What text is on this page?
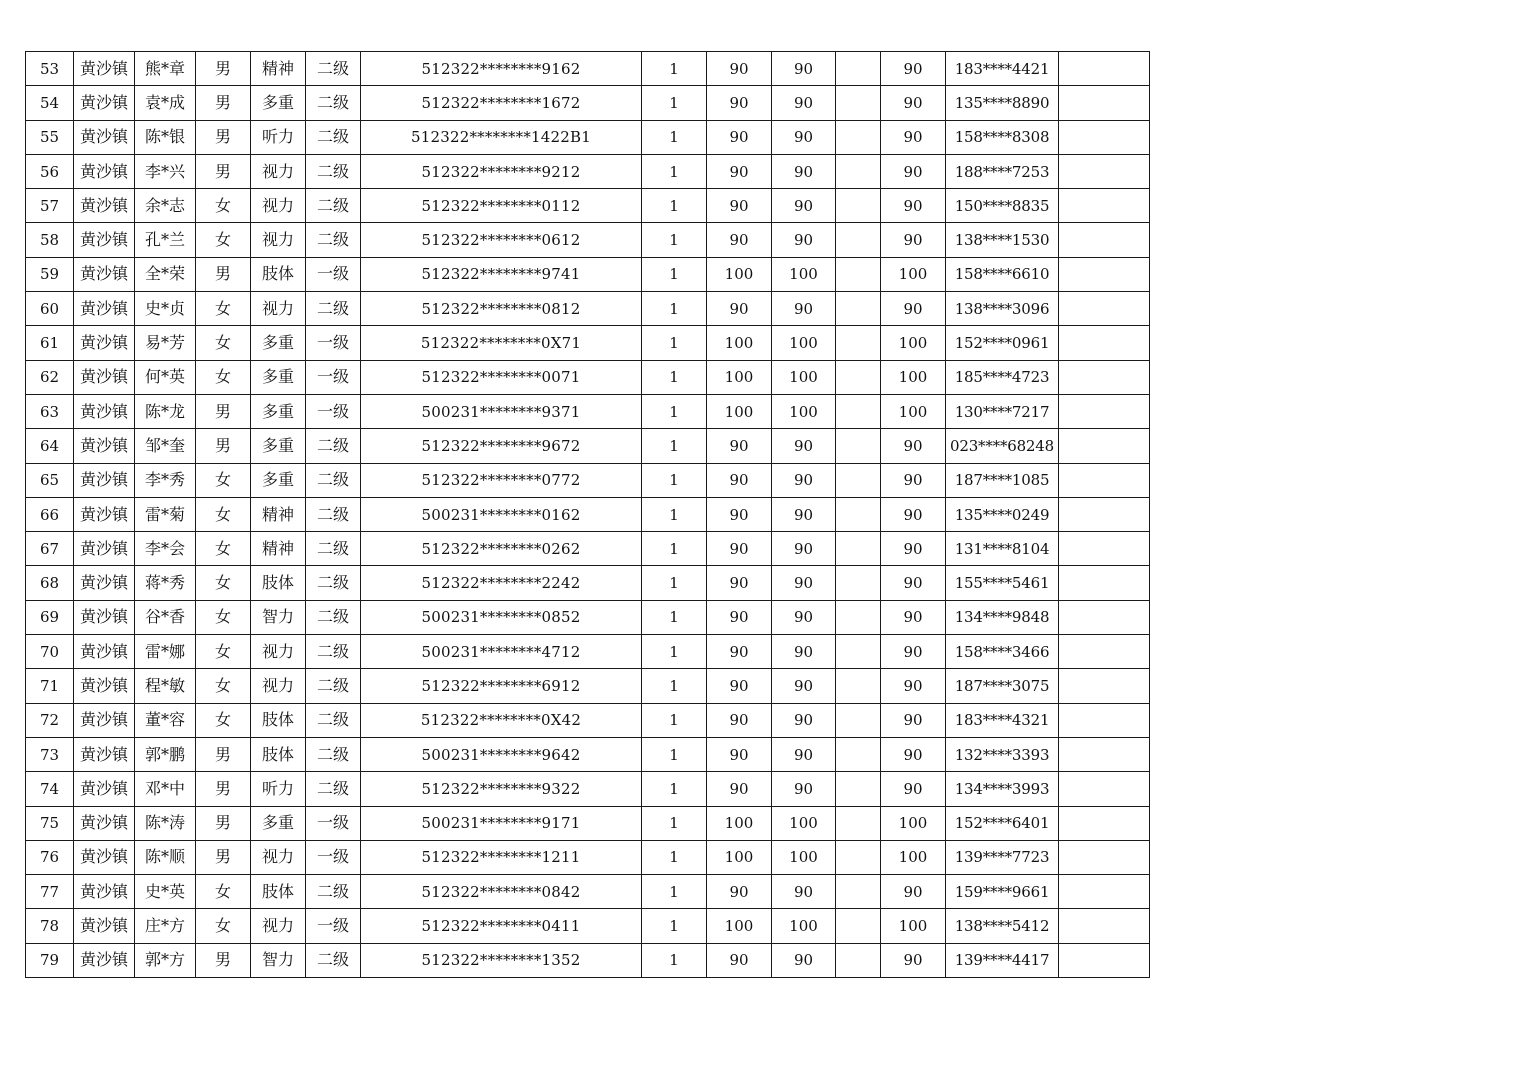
53	黄沙镇	熊*章	男	精神	二级	512322********9162	1	90	90		90	183****4421	
54	黄沙镇	袁*成	男	多重	二级	512322********1672	1	90	90		90	135****8890	
55	黄沙镇	陈*银	男	听力	二级	512322********1422B1	1	90	90		90	158****8308	
56	黄沙镇	李*兴	男	视力	二级	512322********9212	1	90	90		90	188****7253	
57	黄沙镇	余*志	女	视力	二级	512322********0112	1	90	90		90	150****8835	
58	黄沙镇	孔*兰	女	视力	二级	512322********0612	1	90	90		90	138****1530	
59	黄沙镇	全*荣	男	肢体	一级	512322********9741	1	100	100		100	158****6610	
60	黄沙镇	史*贞	女	视力	二级	512322********0812	1	90	90		90	138****3096	
61	黄沙镇	易*芳	女	多重	一级	512322********0X71	1	100	100		100	152****0961	
62	黄沙镇	何*英	女	多重	一级	512322********0071	1	100	100		100	185****4723	
63	黄沙镇	陈*龙	男	多重	一级	500231********9371	1	100	100		100	130****7217	
64	黄沙镇	邹*奎	男	多重	二级	512322********9672	1	90	90		90	023****68248	
65	黄沙镇	李*秀	女	多重	二级	512322********0772	1	90	90		90	187****1085	
66	黄沙镇	雷*菊	女	精神	二级	500231********0162	1	90	90		90	135****0249	
67	黄沙镇	李*会	女	精神	二级	512322********0262	1	90	90		90	131****8104	
68	黄沙镇	蒋*秀	女	肢体	二级	512322********2242	1	90	90		90	155****5461	
69	黄沙镇	谷*香	女	智力	二级	500231********0852	1	90	90		90	134****9848	
70	黄沙镇	雷*娜	女	视力	二级	500231********4712	1	90	90		90	158****3466	
71	黄沙镇	程*敏	女	视力	二级	512322********6912	1	90	90		90	187****3075	
72	黄沙镇	董*容	女	肢体	二级	512322********0X42	1	90	90		90	183****4321	
73	黄沙镇	郭*鹏	男	肢体	二级	500231********9642	1	90	90		90	132****3393	
74	黄沙镇	邓*中	男	听力	二级	512322********9322	1	90	90		90	134****3993	
75	黄沙镇	陈*涛	男	多重	一级	500231********9171	1	100	100		100	152****6401	
76	黄沙镇	陈*顺	男	视力	一级	512322********1211	1	100	100		100	139****7723	
77	黄沙镇	史*英	女	肢体	二级	512322********0842	1	90	90		90	159****9661	
78	黄沙镇	庄*方	女	视力	一级	512322********0411	1	100	100		100	138****5412	
79	黄沙镇	郭*方	男	智力	二级	512322********1352	1	90	90		90	139****4417	
